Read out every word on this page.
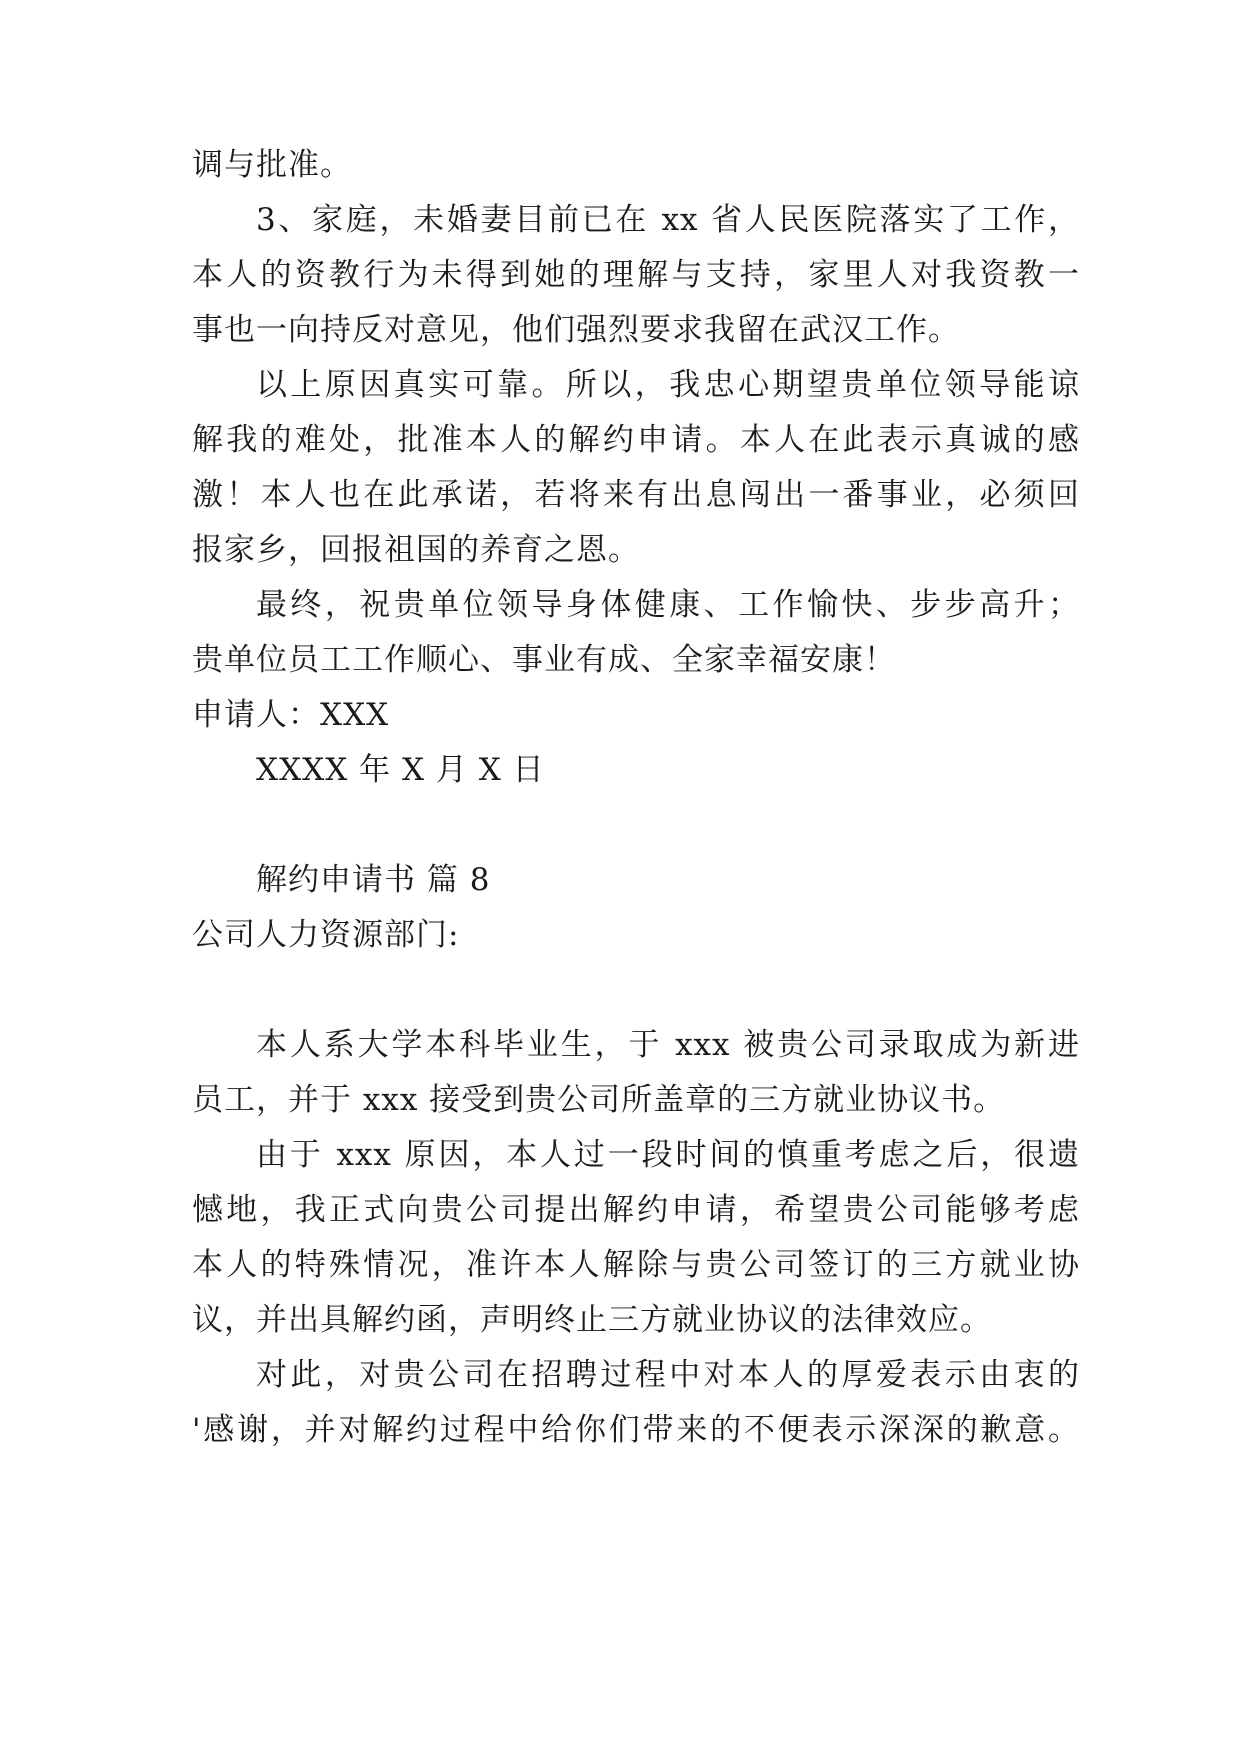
调与批准。
3、家庭，未婚妻目前已在 xx 省人民医院落实了工作，
本人的资教行为未得到她的理解与支持，家里人对我资教一
事也一向持反对意见，他们强烈要求我留在武汉工作。
以上原因真实可靠。所以，我忠心期望贵单位领导能谅
解我的难处，批准本人的解约申请。本人在此表示真诚的感
激！本人也在此承诺，若将来有出息闯出一番事业，必须回
报家乡，回报祖国的养育之恩。
最终，祝贵单位领导身体健康、工作愉快、步步高升；
贵单位员工工作顺心、事业有成、全家幸福安康！
申请人：XXX
XXXX 年 X 月 X 日
解约申请书 篇 8
公司人力资源部门:
本人系大学本科毕业生，于 xxx 被贵公司录取成为新进
员工，并于 xxx 接受到贵公司所盖章的三方就业协议书。
由于 xxx 原因，本人过一段时间的慎重考虑之后，很遗
憾地，我正式向贵公司提出解约申请，希望贵公司能够考虑
本人的特殊情况，准许本人解除与贵公司签订的三方就业协
议，并出具解约函，声明终止三方就业协议的法律效应。
对此，对贵公司在招聘过程中对本人的厚爱表示由衷的
'感谢，并对解约过程中给你们带来的不便表示深深的歉意。
